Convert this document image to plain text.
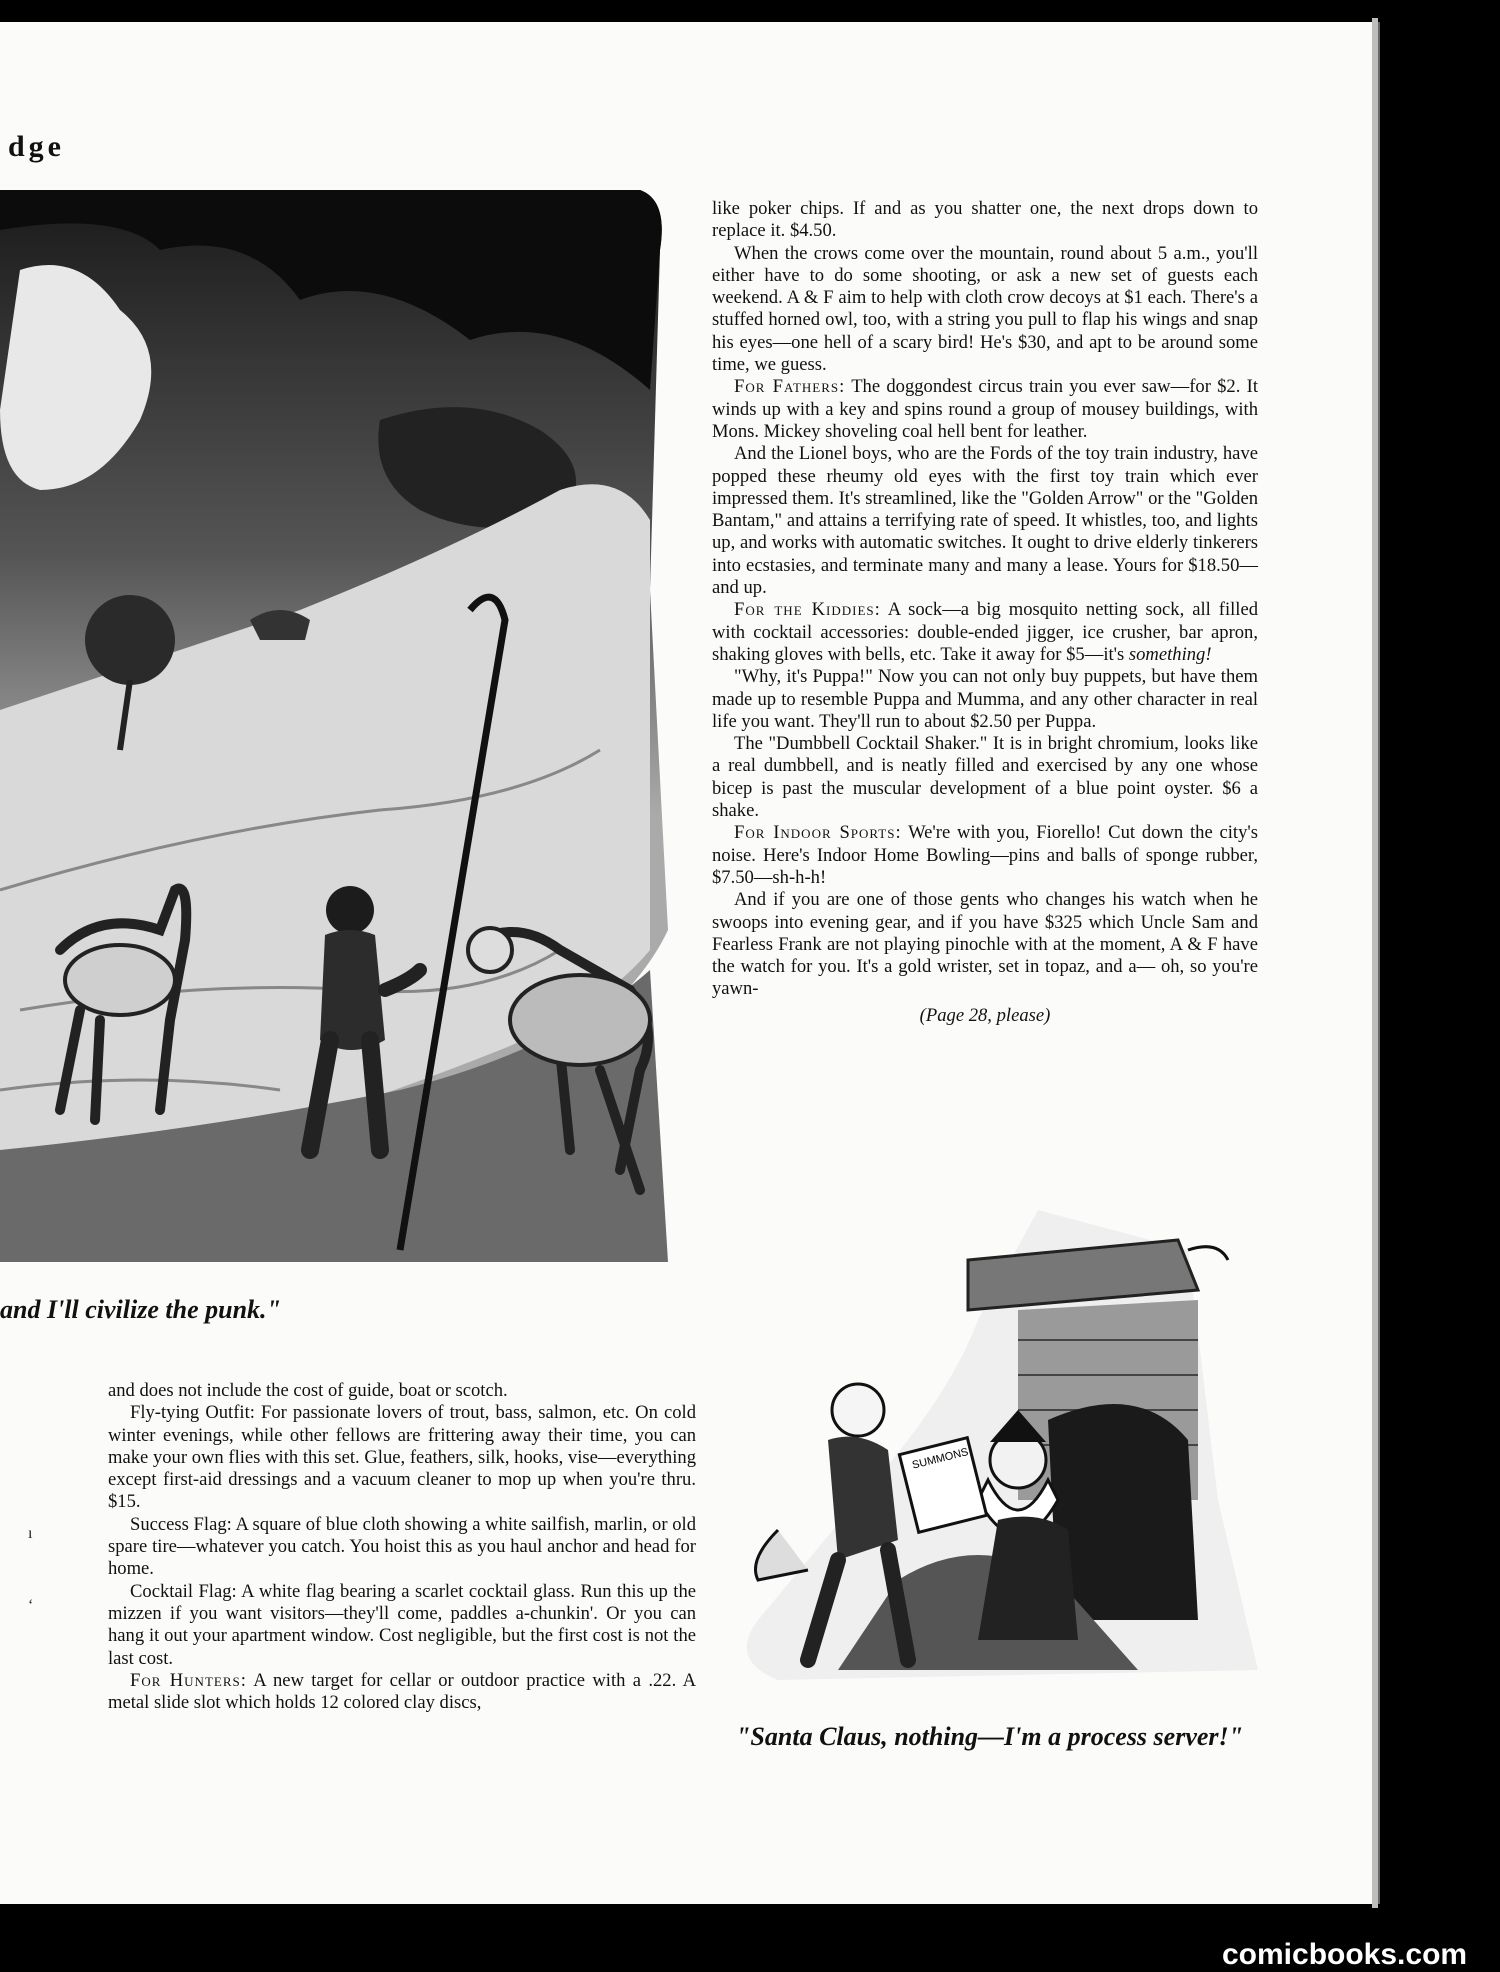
dge
and I'll civilize the punk."

like poker chips. If and as you shatter one, the next drops down to replace it. $4.50.

When the crows come over the mountain, round about 5 a.m., you'll either have to do some shooting, or ask a new set of guests each weekend. A & F aim to help with cloth crow decoys at $1 each. There's a stuffed horned owl, too, with a string you pull to flap his wings and snap his eyes—one hell of a scary bird! He's $30, and apt to be around some time, we guess.

For Fathers: The doggondest circus train you ever saw—for $2. It winds up with a key and spins round a group of mousey buildings, with Mons. Mickey shoveling coal hell bent for leather.

And the Lionel boys, who are the Fords of the toy train industry, have popped these rheumy old eyes with the first toy train which ever impressed them. It's streamlined, like the "Golden Arrow" or the "Golden Bantam," and attains a terrifying rate of speed. It whistles, too, and lights up, and works with automatic switches. It ought to drive elderly tinkerers into ecstasies, and terminate many and many a lease. Yours for $18.50—and up.

For the Kiddies: A sock—a big mosquito netting sock, all filled with cocktail accessories: double-ended jigger, ice crusher, bar apron, shaking gloves with bells, etc. Take it away for $5—it's something!

"Why, it's Puppa!" Now you can not only buy puppets, but have them made up to resemble Puppa and Mumma, and any other character in real life you want. They'll run to about $2.50 per Puppa.

The "Dumbbell Cocktail Shaker." It is in bright chromium, looks like a real dumbbell, and is neatly filled and exercised by any one whose bicep is past the muscular development of a blue point oyster. $6 a shake.

For Indoor Sports: We're with you, Fiorello! Cut down the city's noise. Here's Indoor Home Bowling—pins and balls of sponge rubber, $7.50—sh-h-h!

And if you are one of those gents who changes his watch when he swoops into evening gear, and if you have $325 which Uncle Sam and Fearless Frank are not playing pinochle with at the moment, A & F have the watch for you. It's a gold wrister, set in topaz, and a— oh, so you're yawn-

(Page 28, please)

and does not include the cost of guide, boat or scotch.

Fly-tying Outfit: For passionate lovers of trout, bass, salmon, etc. On cold winter evenings, while other fellows are frittering away their time, you can make your own flies with this set. Glue, feathers, silk, hooks, vise—everything except first-aid dressings and a vacuum cleaner to mop up when you're thru. $15.

Success Flag: A square of blue cloth showing a white sailfish, marlin, or old spare tire—whatever you catch. You hoist this as you haul anchor and head for home.

Cocktail Flag: A white flag bearing a scarlet cocktail glass. Run this up the mizzen if you want visitors—they'll come, paddles a-chunkin'. Or you can hang it out your apartment window. Cost negligible, but the first cost is not the last cost.

For Hunters: A new target for cellar or outdoor practice with a .22. A metal slide slot which holds 12 colored clay discs,

ı
‘
SUMMONS
"Santa Claus, nothing—I'm a process server!"
comicbooks.com
